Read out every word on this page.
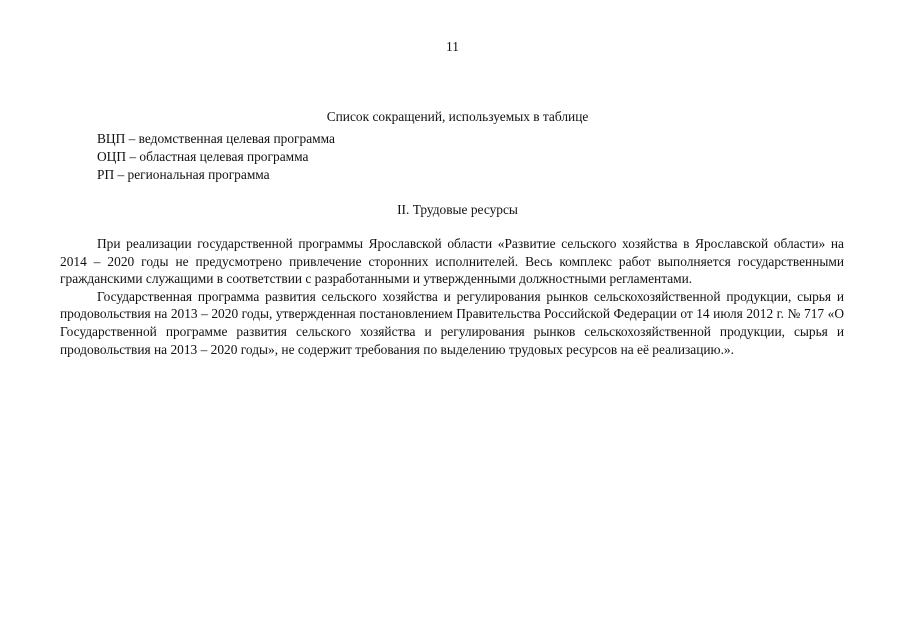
11
Список сокращений, используемых в таблице
ВЦП – ведомственная целевая программа
ОЦП – областная целевая программа
РП – региональная программа
II. Трудовые ресурсы

При реализации государственной программы Ярославской области «Развитие сельского хозяйства в Ярославской области» на 2014 – 2020 годы не предусмотрено привлечение сторонних исполнителей. Весь комплекс работ выполняется государственными гражданскими служащими в соответствии с разработанными и утвержденными должностными регламентами.

Государственная программа развития сельского хозяйства и регулирования рынков сельскохозяйственной продукции, сырья и продовольствия на 2013 – 2020 годы, утвержденная постановлением Правительства Российской Федерации от 14 июля 2012 г. № 717 «О Государственной программе развития сельского хозяйства и регулирования рынков сельскохозяйственной продукции, сырья и продовольствия на 2013 – 2020 годы», не содержит требования по выделению трудовых ресурсов на её реализацию.».
